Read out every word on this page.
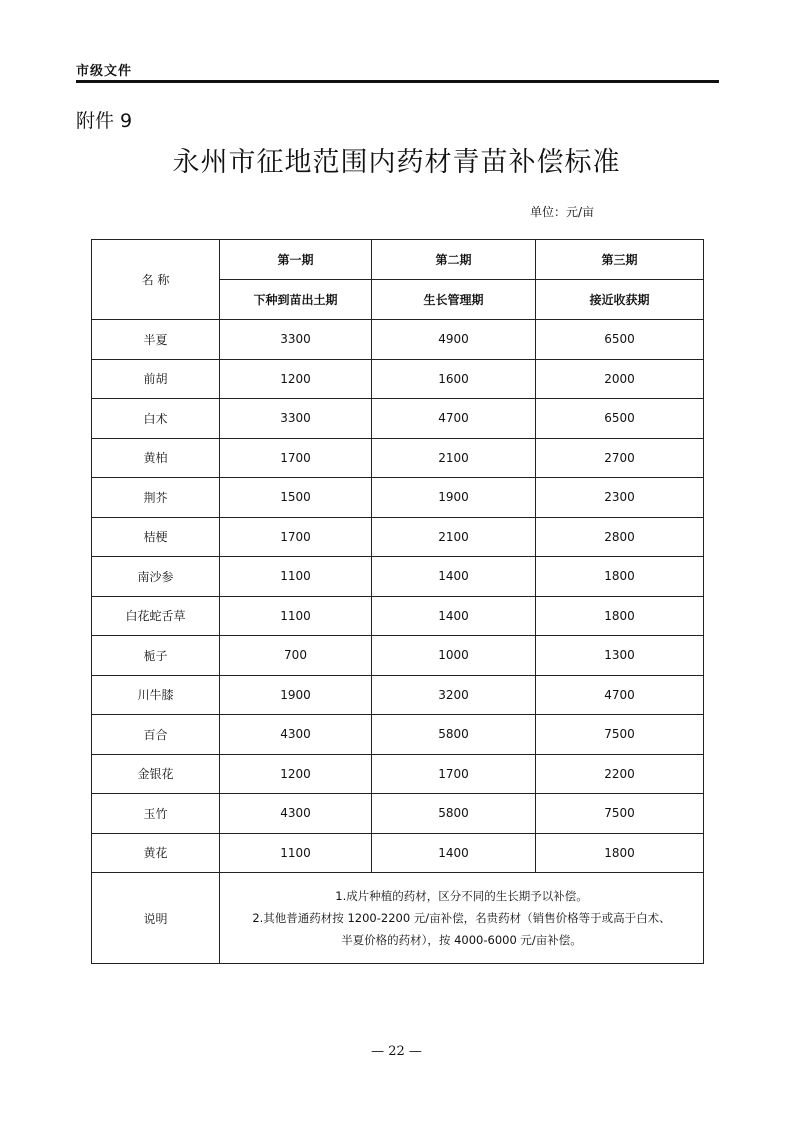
市级文件
附件 9
永州市征地范围内药材青苗补偿标准
单位：元/亩
名 称	第一期	第二期	第三期
	下种到苗出土期	生长管理期	接近收获期
半夏	3300	4900	6500
前胡	1200	1600	2000
白术	3300	4700	6500
黄柏	1700	2100	2700
荆芥	1500	1900	2300
桔梗	1700	2100	2800
南沙参	1100	1400	1800
白花蛇舌草	1100	1400	1800
栀子	700	1000	1300
川牛膝	1900	3200	4700
百合	4300	5800	7500
金银花	1200	1700	2200
玉竹	4300	5800	7500
黄花	1100	1400	1800
说明	1.成片种植的药材，区分不同的生长期予以补偿。
2.其他普通药材按 1200-2200 元/亩补偿，名贵药材（销售价格等于或高于白术、
半夏价格的药材），按 4000-6000 元/亩补偿。		
— 22 —
